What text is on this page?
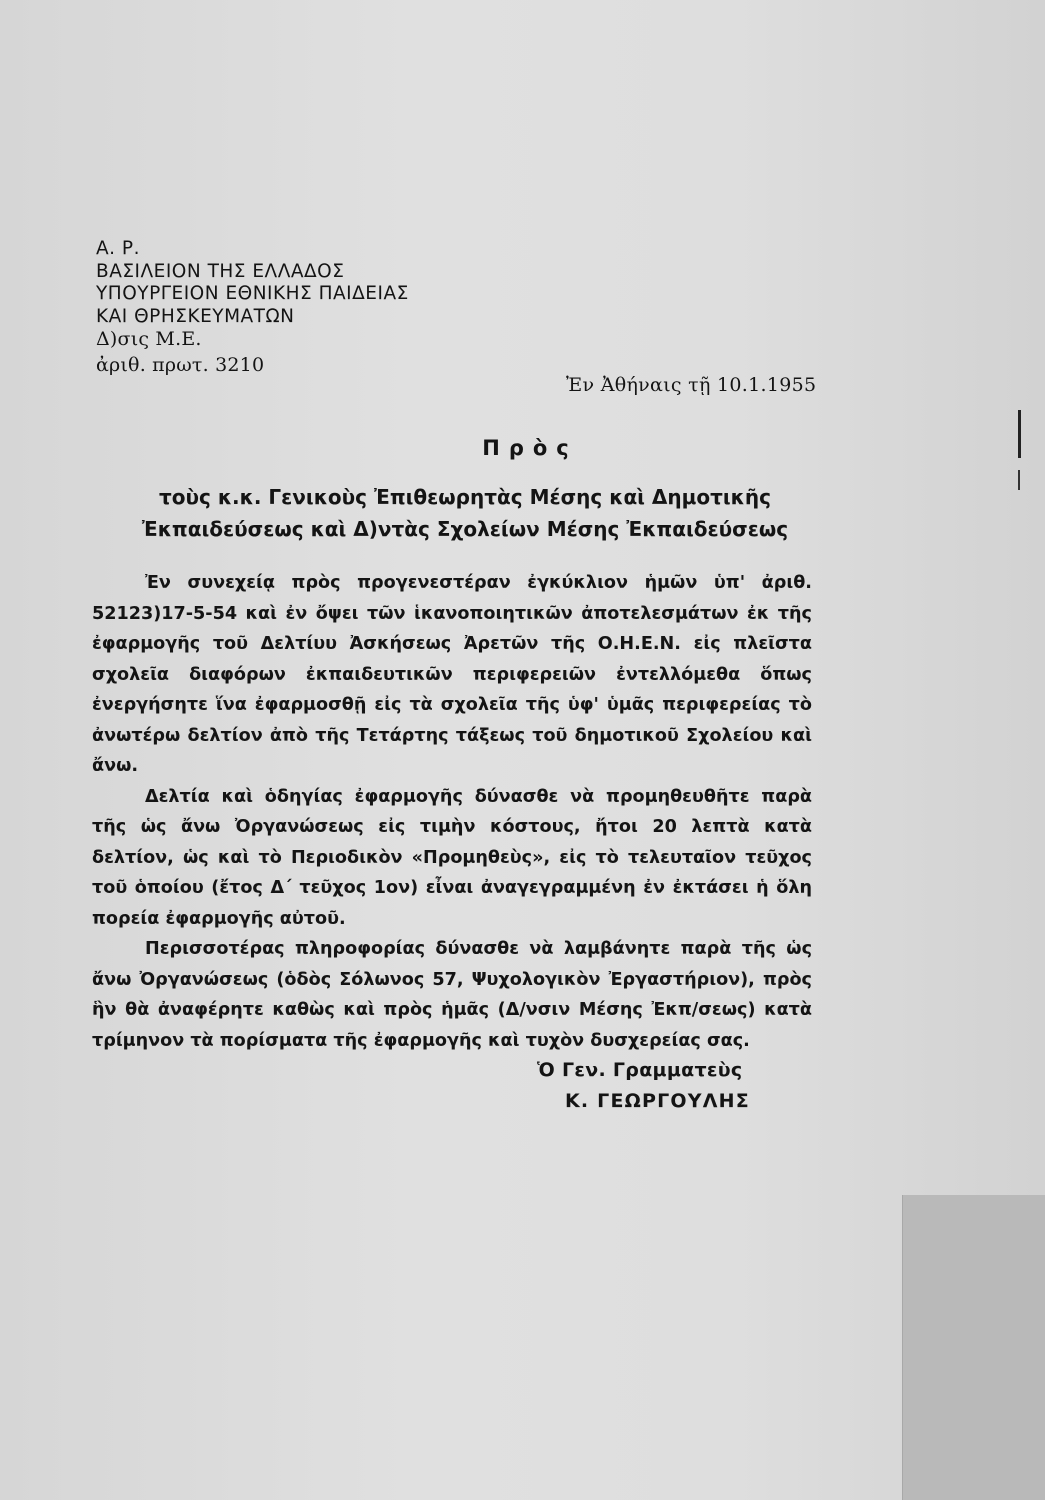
Α. Ρ.
ΒΑΣΙΛΕΙΟΝ ΤΗΣ ΕΛΛΑΔΟΣ
ΥΠΟΥΡΓΕΙΟΝ ΕΘΝΙΚΗΣ ΠΑΙΔΕΙΑΣ
ΚΑΙ ΘΡΗΣΚΕΥΜΑΤΩΝ
Δ)σις Μ.Ε.
ἀριθ. πρωτ. 3210
Ἐν Ἀθήναις τῇ 10.1.1955
Πρὸς
τοὺς κ.κ. Γενικοὺς Ἐπιθεωρητὰς Μέσης καὶ Δημοτικῆς
Ἐκπαιδεύσεως καὶ Δ)ντὰς Σχολείων Μέσης Ἐκπαιδεύσεως

Ἐν συνεχείᾳ πρὸς προγενεστέραν ἐγκύκλιον ἡμῶν ὑπ' ἀριθ. 52123)17-5-54 καὶ ἐν ὄψει τῶν ἱκανοποιητικῶν ἀποτελεσμάτων ἐκ τῆς ἐφαρμογῆς τοῦ Δελτίυυ Ἀσκήσεως Ἀρετῶν τῆς Ο.Η.Ε.Ν. εἰς πλεῖστα σχολεῖα διαφόρων ἐκπαιδευτικῶν περιφερειῶν ἐντελλόμεθα ὅπως ἐνεργήσητε ἵνα ἐφαρμοσθῇ εἰς τὰ σχολεῖα τῆς ὑφ' ὑμᾶς περιφερείας τὸ ἀνωτέρω δελτίον ἀπὸ τῆς Τετάρτης τάξεως τοῦ δημοτικοῦ Σχολείου καὶ ἄνω.

Δελτία καὶ ὁδηγίας ἐφαρμογῆς δύνασθε νὰ προμηθευθῆτε παρὰ τῆς ὡς ἄνω Ὀργανώσεως εἰς τιμὴν κόστους, ἤτοι 20 λεπτὰ κατὰ δελτίον, ὡς καὶ τὸ Περιοδικὸν «Προμηθεὺς», εἰς τὸ τελευταῖον τεῦχος τοῦ ὁποίου (ἔτος Δ΄ τεῦχος 1ον) εἶναι ἀναγεγραμμένη ἐν ἐκτάσει ἡ ὅλη πορεία ἐφαρμογῆς αὐτοῦ.

Περισσοτέρας πληροφορίας δύνασθε νὰ λαμβάνητε παρὰ τῆς ὡς ἄνω Ὀργανώσεως (ὁδὸς Σόλωνος 57, Ψυχολογικὸν Ἐργαστήριον), πρὸς ἣν θὰ ἀναφέρητε καθὼς καὶ πρὸς ἡμᾶς (Δ/νσιν Μέσης Ἐκπ/σεως) κατὰ τρίμηνον τὰ πορίσματα τῆς ἐφαρμογῆς καὶ τυχὸν δυσχερείας σας.

Ὁ Γεν. Γραμματεὺς
Κ. ΓΕΩΡΓΟΥΛΗΣ
